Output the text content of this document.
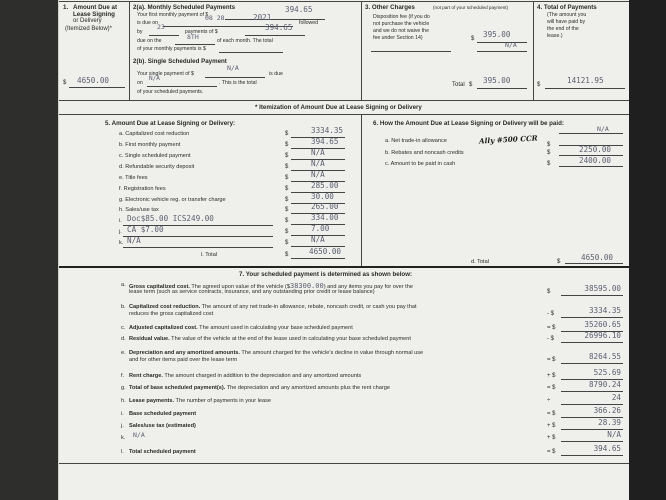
1. Amount Due at
Lease Signing
or Delivery
(Itemized Below)*
$ 4650.00
2(a). Monthly Scheduled Payments
Your first monthly payment of $
394.65
is due on
08 28	2021
followed
by
23
payments of $	394.65
due on the	8TH	of each month. The total
of your monthly payments is $
2(b). Single Scheduled Payment
Your single payment of $
N/A
is due
on
N/A
. This is the total
of your scheduled payments.
3. Other Charges	(not part of your scheduled payment)
Disposition fee (if you do
not purchase the vehicle
and we do not waive the
fee under Section 14)	$ 395.00
N/A
Total $ 395.00
4. Total of Payments
(The amount you
will have paid by
the end of the
lease.)
$	14121.95
* Itemization of Amount Due at Lease Signing or Delivery
5. Amount Due at Lease Signing or Delivery:
a. Capitalized cost reduction	$	3334.35
b. First monthly payment	$	394.65
c. Single scheduled payment	$	N/A
d. Refundable security deposit	$	N/A
e. Title fees	$	N/A
f. Registration fees	$	285.00
g. Electronic vehicle reg. or transfer charge	$	30.00
h. Sales/use tax	$	265.00
i. Doc$85.00 ICS249.00	$	334.00
j. CA $7.00	$	7.00
k. N/A	$	N/A
l. Total	$	4650.00
6. How the Amount Due at Lease Signing or Delivery will be paid:
N/A
a. Net trade-in allowance	Ally #500 CCR $
b. Rebates and noncash credits	$	2250.00
c. Amount to be paid in cash	$	2400.00
d. Total	$	4650.00
7. Your scheduled payment is determined as shown below:
a. Gross capitalized cost. The agreed upon value of the vehicle ($38300.00) and any items you pay for over the
lease term (such as service contracts, insurance, and any outstanding prior credit or lease balance)	$	38595.00
b. Capitalized cost reduction. The amount of any net trade-in allowance, rebate, noncash credit, or cash you pay that
reduces the gross capitalized cost	- $	3334.35
c. Adjusted capitalized cost. The amount used in calculating your base scheduled payment	= $	35260.65
d. Residual value. The value of the vehicle at the end of the lease used in calculating your base scheduled payment	- $	26996.10
e. Depreciation and any amortized amounts. The amount charged for the vehicle's decline in value through normal use
and for other items paid over the lease term	= $	8264.55
f. Rent charge. The amount charged in addition to the depreciation and any amortized amounts	+ $	525.69
g. Total of base scheduled payment(s). The depreciation and any amortized amounts plus the rent charge	= $	8790.24
h. Lease payments. The number of payments in your lease	÷	24
i. Base scheduled payment	= $	366.26
j. Sales/use tax (estimated)	+ $	28.39
k. N/A	+ $	N/A
l. Total scheduled payment	= $	394.65
